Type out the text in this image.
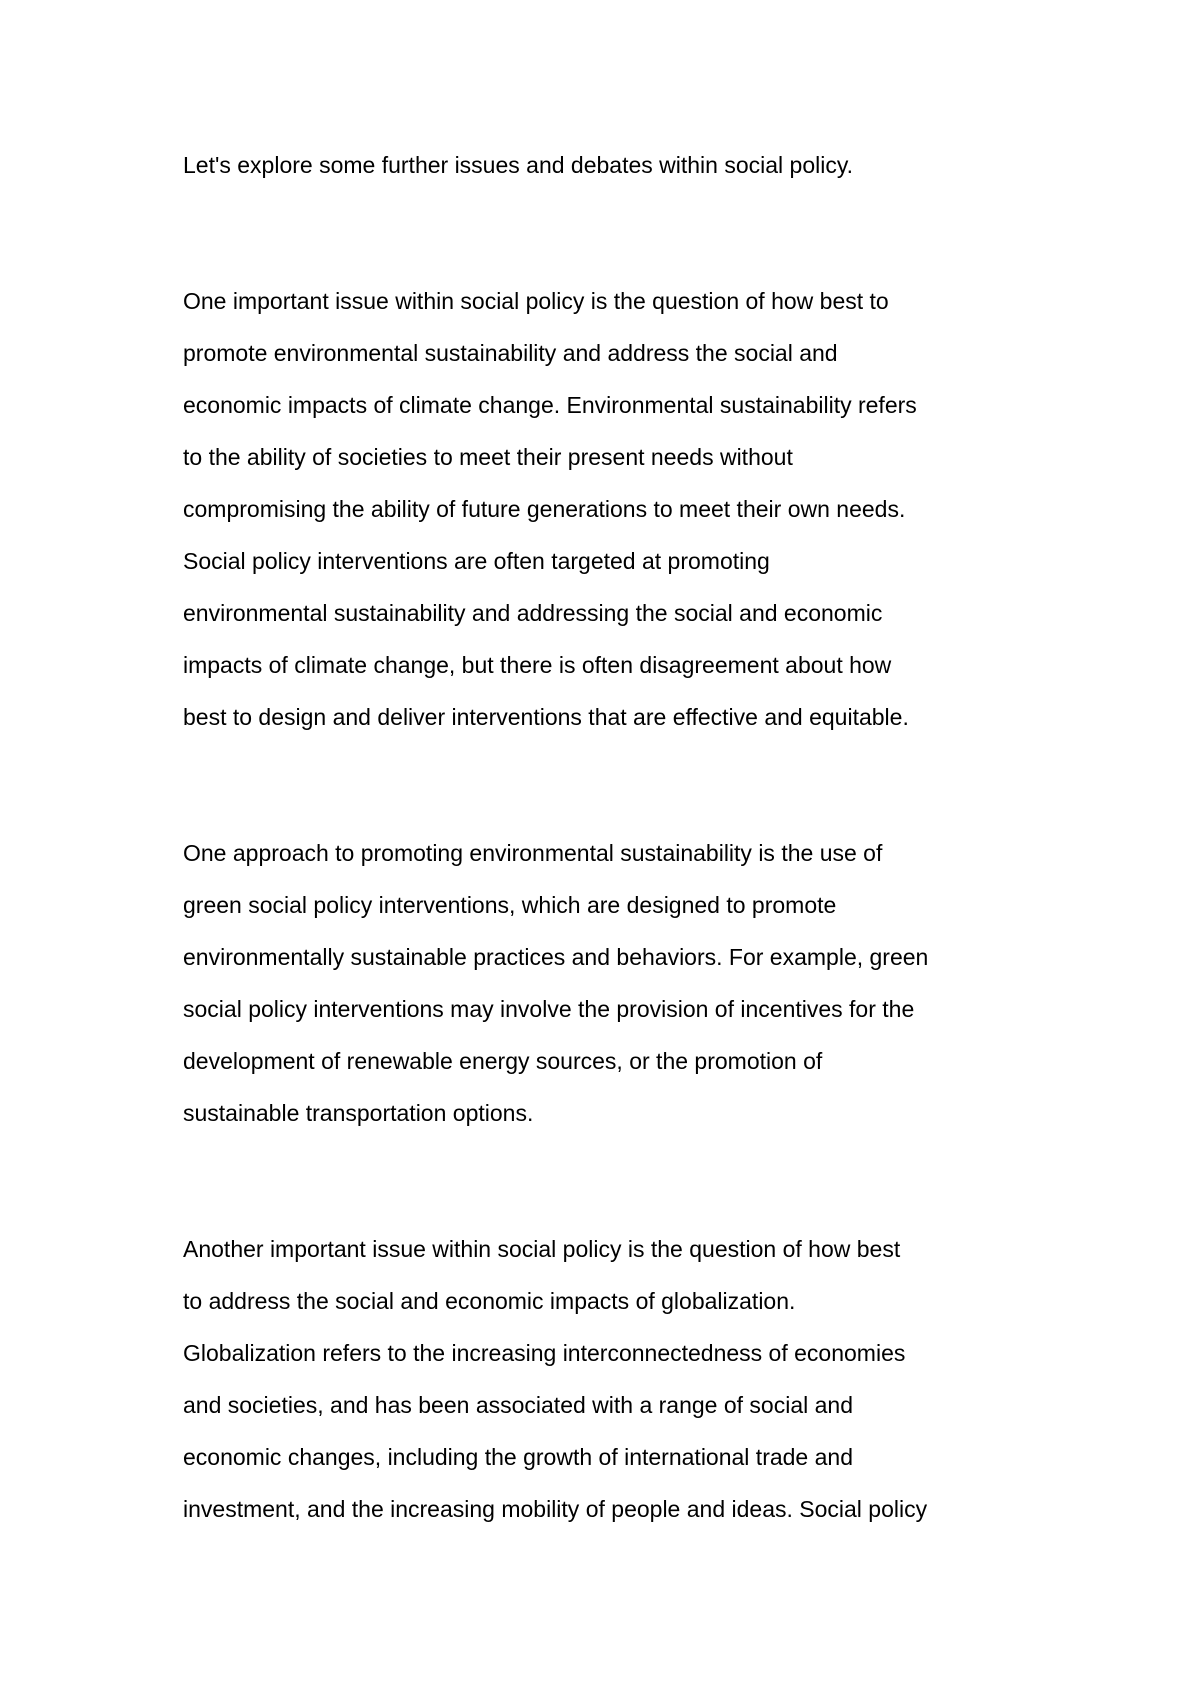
Let's explore some further issues and debates within social policy.

One important issue within social policy is the question of how best to

promote environmental sustainability and address the social and

economic impacts of climate change. Environmental sustainability refers

to the ability of societies to meet their present needs without

compromising the ability of future generations to meet their own needs.

Social policy interventions are often targeted at promoting

environmental sustainability and addressing the social and economic

impacts of climate change, but there is often disagreement about how

best to design and deliver interventions that are effective and equitable.

One approach to promoting environmental sustainability is the use of

green social policy interventions, which are designed to promote

environmentally sustainable practices and behaviors. For example, green

social policy interventions may involve the provision of incentives for the

development of renewable energy sources, or the promotion of

sustainable transportation options.

Another important issue within social policy is the question of how best

to address the social and economic impacts of globalization.

Globalization refers to the increasing interconnectedness of economies

and societies, and has been associated with a range of social and

economic changes, including the growth of international trade and

investment, and the increasing mobility of people and ideas. Social policy
